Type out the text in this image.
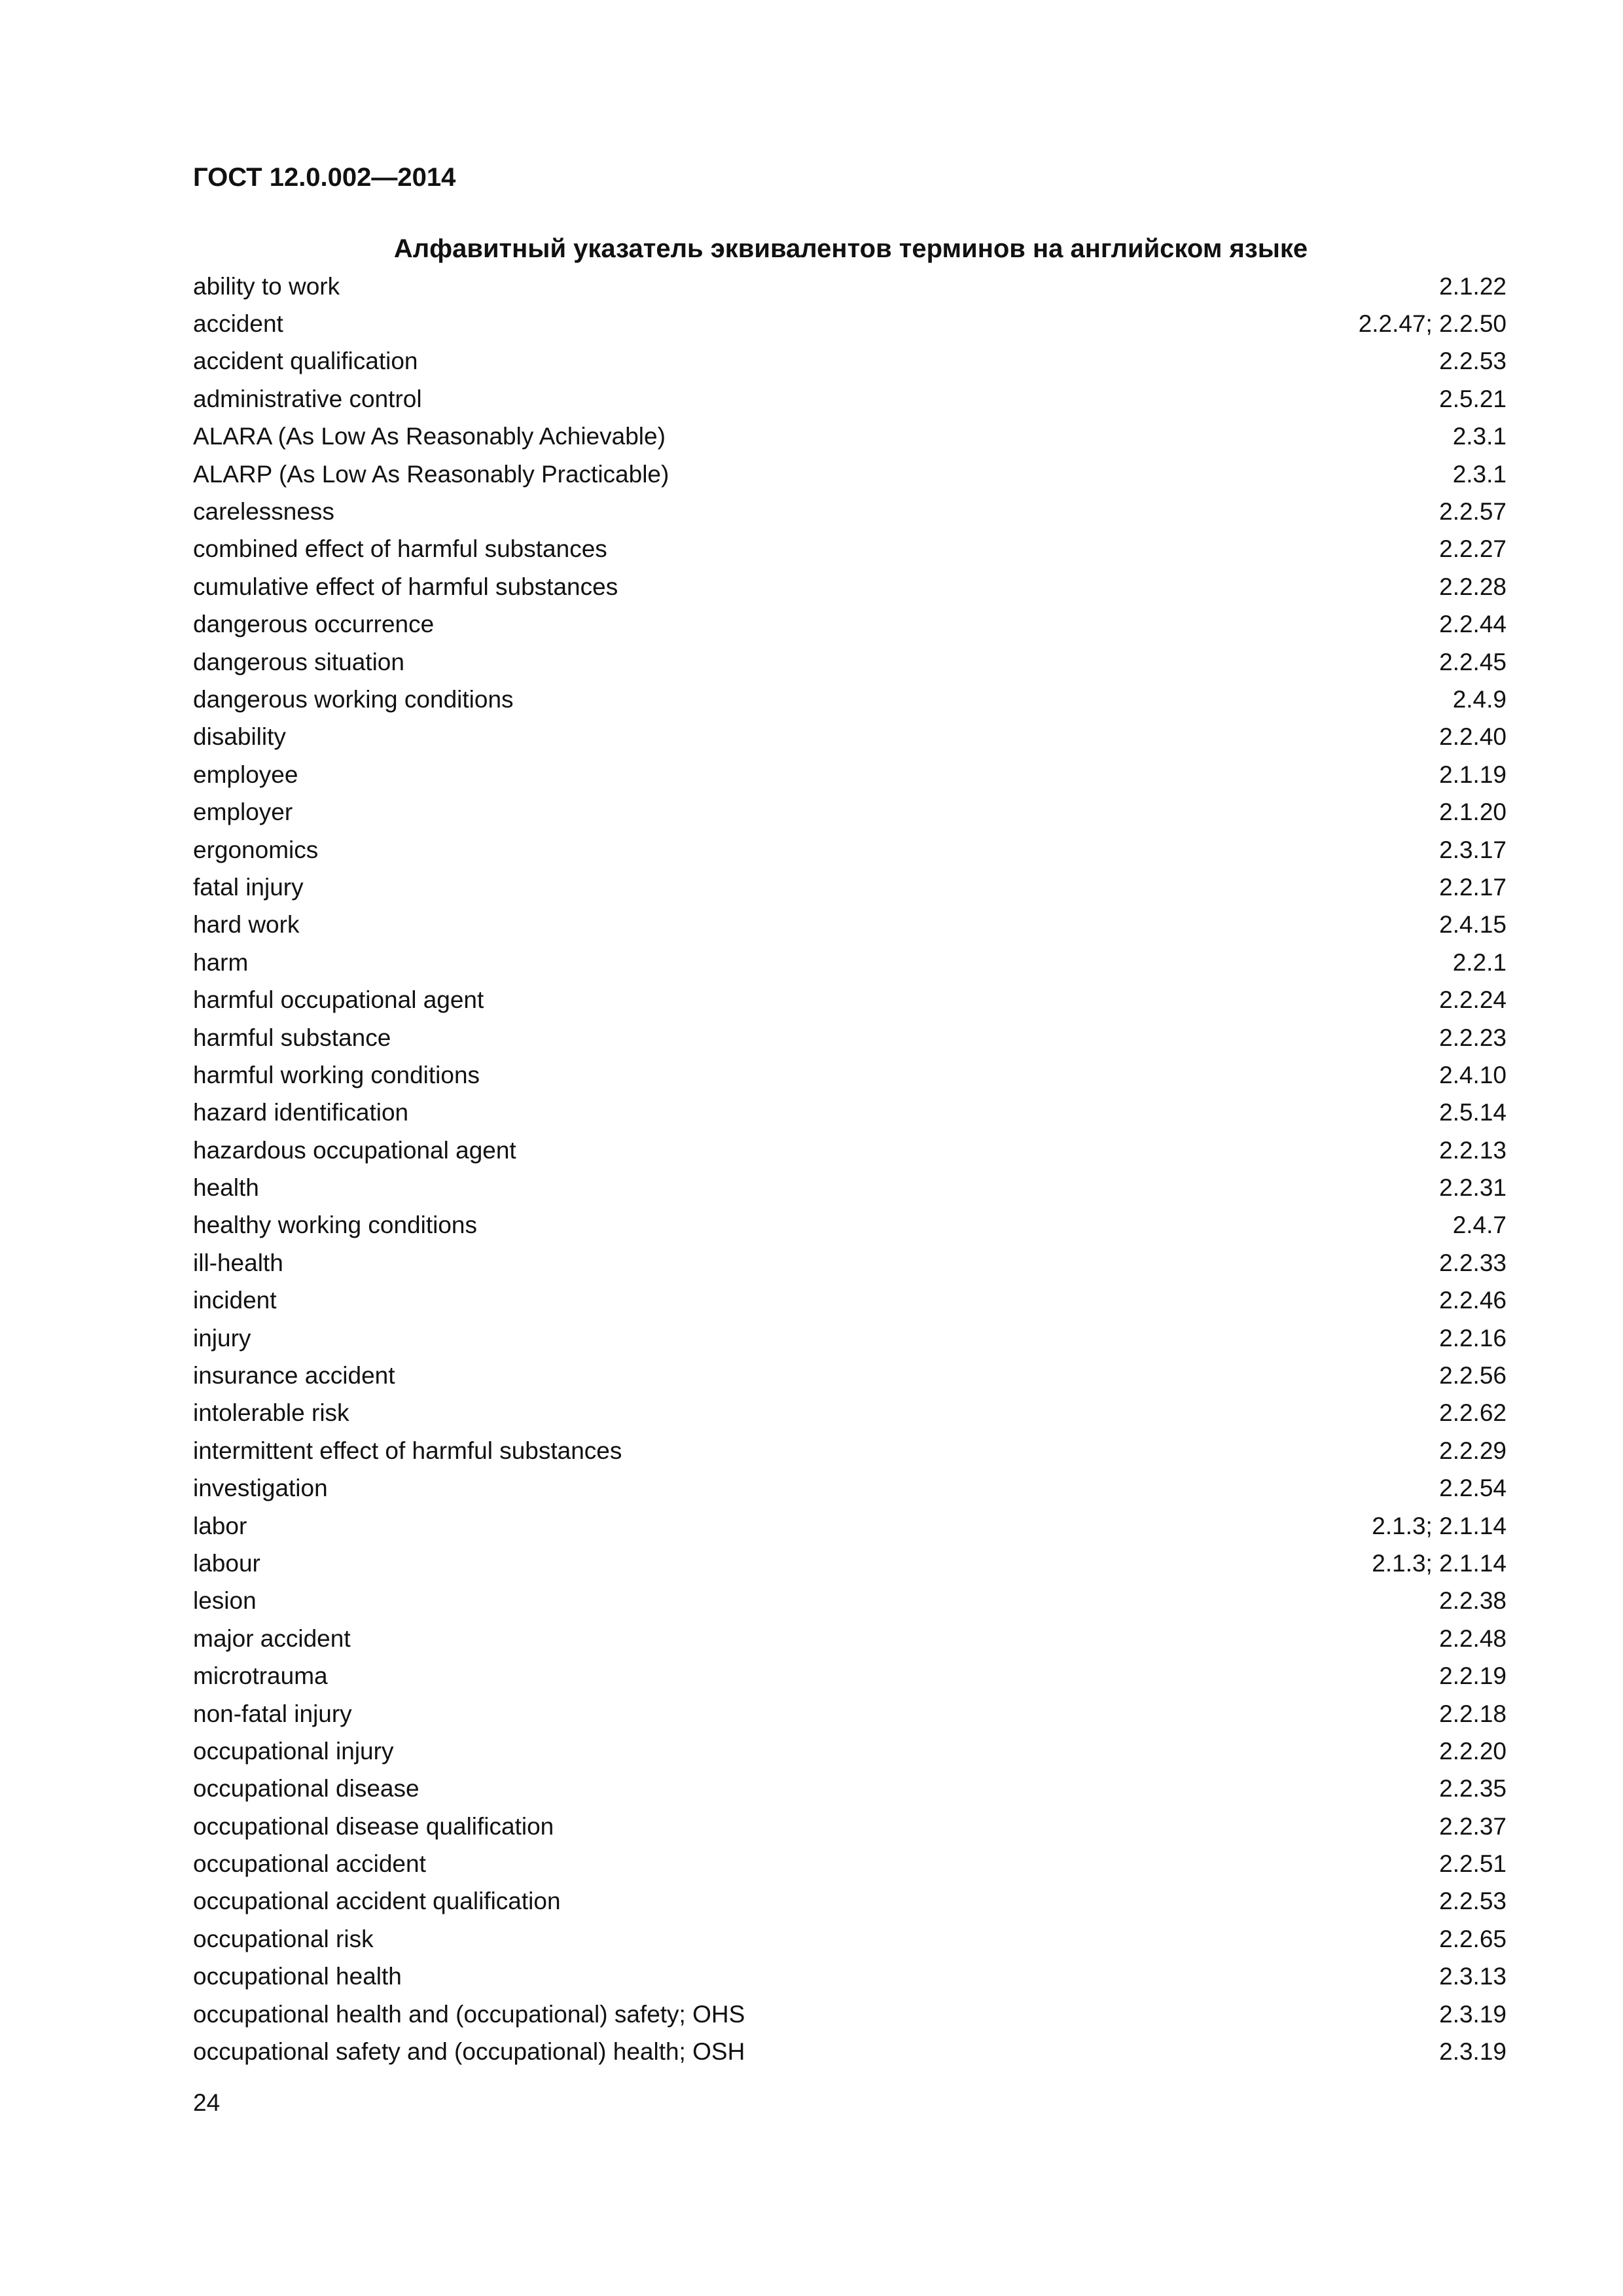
ГОСТ 12.0.002—2014
Алфавитный указатель эквивалентов терминов на английском языке
ability to work	2.1.22
accident	2.2.47; 2.2.50
accident qualification	2.2.53
administrative control	2.5.21
ALARA (As Low As Reasonably Achievable)	2.3.1
ALARP (As Low As Reasonably Practicable)	2.3.1
carelessness	2.2.57
combined effect of harmful substances	2.2.27
cumulative effect of harmful substances	2.2.28
dangerous occurrence	2.2.44
dangerous situation	2.2.45
dangerous working conditions	2.4.9
disability	2.2.40
employee	2.1.19
employer	2.1.20
ergonomics	2.3.17
fatal injury	2.2.17
hard work	2.4.15
harm	2.2.1
harmful occupational agent	2.2.24
harmful substance	2.2.23
harmful working conditions	2.4.10
hazard identification	2.5.14
hazardous occupational agent	2.2.13
health	2.2.31
healthy working conditions	2.4.7
ill-health	2.2.33
incident	2.2.46
injury	2.2.16
insurance accident	2.2.56
intolerable risk	2.2.62
intermittent effect of harmful substances	2.2.29
investigation	2.2.54
labor	2.1.3; 2.1.14
labour	2.1.3; 2.1.14
lesion	2.2.38
major accident	2.2.48
microtrauma	2.2.19
non-fatal injury	2.2.18
occupational injury	2.2.20
occupational disease	2.2.35
occupational disease qualification	2.2.37
occupational accident	2.2.51
occupational accident qualification	2.2.53
occupational risk	2.2.65
occupational health	2.3.13
occupational health and (occupational) safety; OHS	2.3.19
occupational safety and (occupational) health; OSH	2.3.19
24
